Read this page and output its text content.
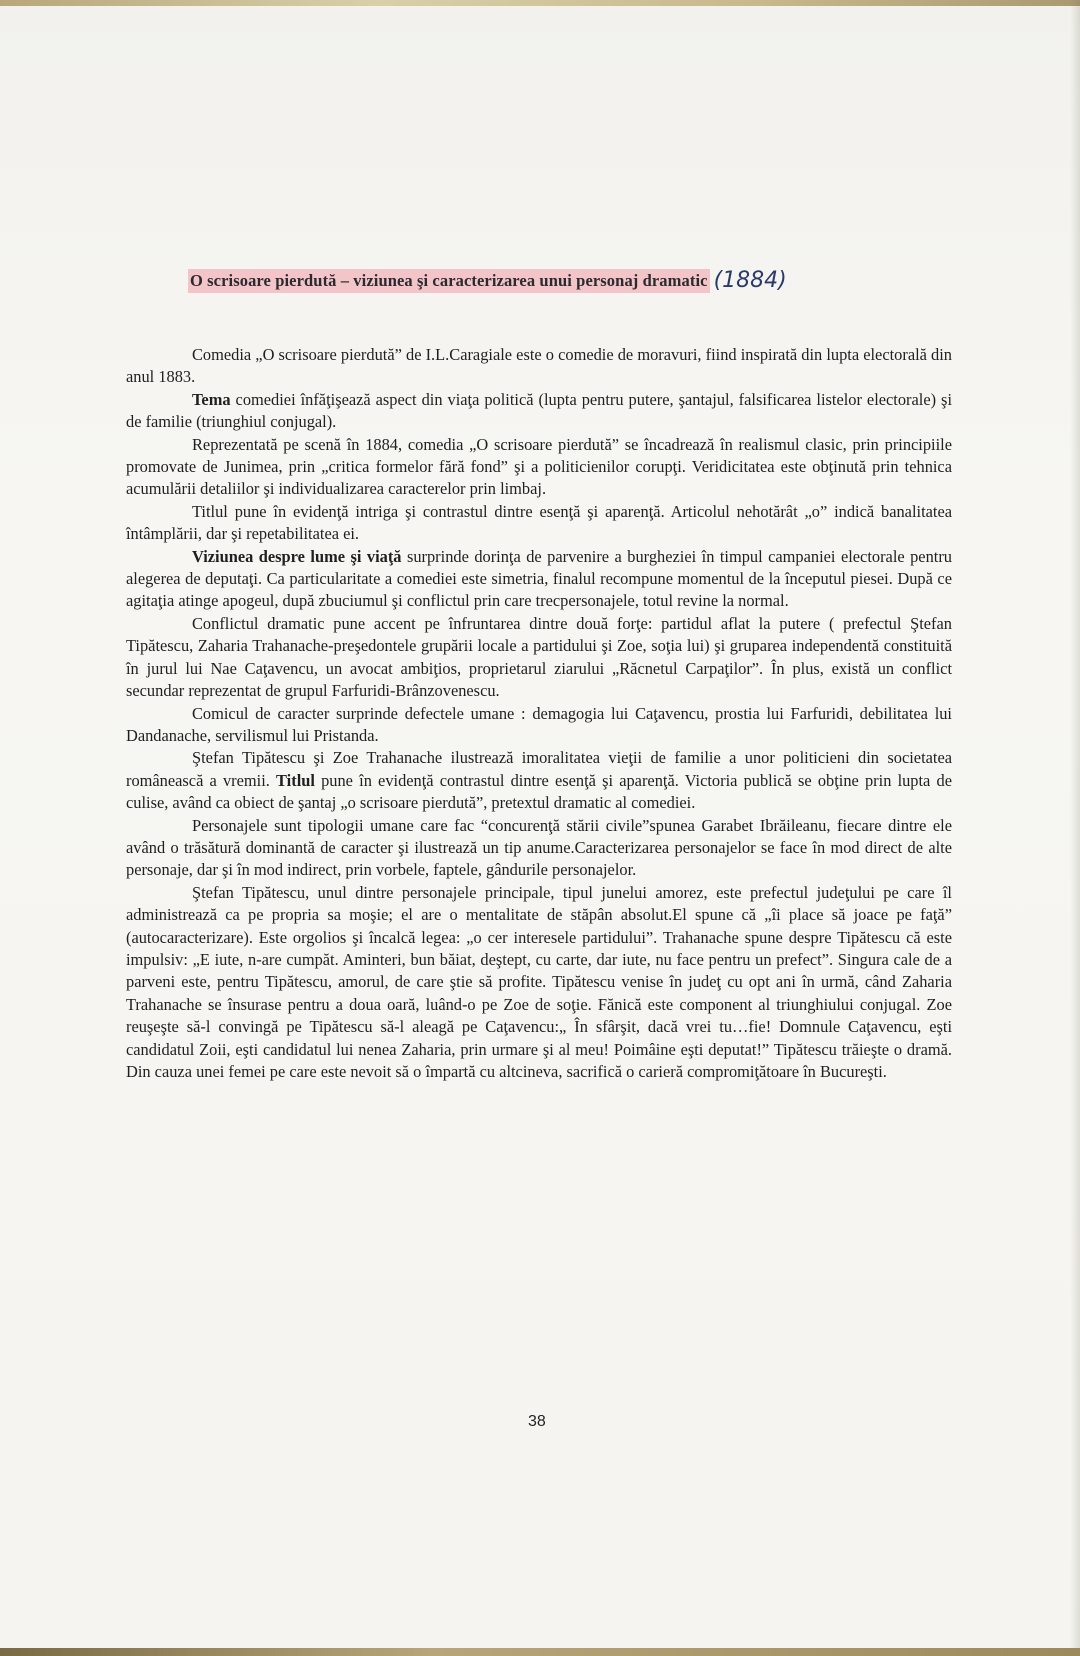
O scrisoare pierdută – viziunea şi caracterizarea unui personaj dramatic (1884)

Comedia „O scrisoare pierdută” de I.L.Caragiale este o comedie de moravuri, fiind inspirată din lupta electorală din anul 1883.

Tema comediei înfăţişează aspect din viaţa politică (lupta pentru putere, şantajul, falsificarea listelor electorale) şi de familie (triunghiul conjugal).

Reprezentată pe scenă în 1884, comedia „O scrisoare pierdută” se încadrează în realismul clasic, prin principiile promovate de Junimea, prin „critica formelor fără fond” şi a politicienilor corupţi. Veridicitatea este obţinută prin tehnica acumulării detaliilor şi individualizarea caracterelor prin limbaj.

Titlul pune în evidenţă intriga şi contrastul dintre esenţă şi aparenţă. Articolul nehotărât „o” indică banalitatea întâmplării, dar şi repetabilitatea ei.

Viziunea despre lume şi viaţă surprinde dorinţa de parvenire a burgheziei în timpul campaniei electorale pentru alegerea de deputaţi. Ca particularitate a comediei este simetria, finalul recompune momentul de la începutul piesei. După ce agitaţia atinge apogeul, după zbuciumul şi conflictul prin care trecpersonajele, totul revine la normal.

Conflictul dramatic pune accent pe înfruntarea dintre două forţe: partidul aflat la putere ( prefectul Ştefan Tipătescu, Zaharia Trahanache-preşedontele grupării locale a partidului şi Zoe, soţia lui) şi gruparea independentă constituită în jurul lui Nae Caţavencu, un avocat ambiţios, proprietarul ziarului „Răcnetul Carpaţilor”. În plus, există un conflict secundar reprezentat de grupul Farfuridi-Brânzovenescu.

Comicul de caracter surprinde defectele umane : demagogia lui Caţavencu, prostia lui Farfuridi, debilitatea lui Dandanache, servilismul lui Pristanda.

Ştefan Tipătescu şi Zoe Trahanache ilustrează imoralitatea vieţii de familie a unor politicieni din societatea românească a vremii. Titlul pune în evidenţă contrastul dintre esenţă şi aparenţă. Victoria publică se obţine prin lupta de culise, având ca obiect de şantaj „o scrisoare pierdută”, pretextul dramatic al comediei.

Personajele sunt tipologii umane care fac “concurenţă stării civile”spunea Garabet Ibrăileanu, fiecare dintre ele având o trăsătură dominantă de caracter şi ilustrează un tip anume.Caracterizarea personajelor se face în mod direct de alte personaje, dar şi în mod indirect, prin vorbele, faptele, gândurile personajelor.

Ştefan Tipătescu, unul dintre personajele principale, tipul junelui amorez, este prefectul judeţului pe care îl administrează ca pe propria sa moşie; el are o mentalitate de stăpân absolut.El spune că „îi place să joace pe faţă” (autocaracterizare). Este orgolios şi încalcă legea: „o cer interesele partidului”. Trahanache spune despre Tipătescu că este impulsiv: „E iute, n-are cumpăt. Aminteri, bun băiat, deştept, cu carte, dar iute, nu face pentru un prefect”. Singura cale de a parveni este, pentru Tipătescu, amorul, de care ştie să profite. Tipătescu venise în judeţ cu opt ani în urmă, când Zaharia Trahanache se însurase pentru a doua oară, luând-o pe Zoe de soţie. Fănică este component al triunghiului conjugal. Zoe reuşeşte să-l convingă pe Tipătescu să-l aleagă pe Caţavencu:„ În sfârşit, dacă vrei tu…fie! Domnule Caţavencu, eşti candidatul Zoii, eşti candidatul lui nenea Zaharia, prin urmare şi al meu! Poimâine eşti deputat!” Tipătescu trăieşte o dramă. Din cauza unei femei pe care este nevoit să o împartă cu altcineva, sacrifică o carieră compromiţătoare în Bucureşti.

38
